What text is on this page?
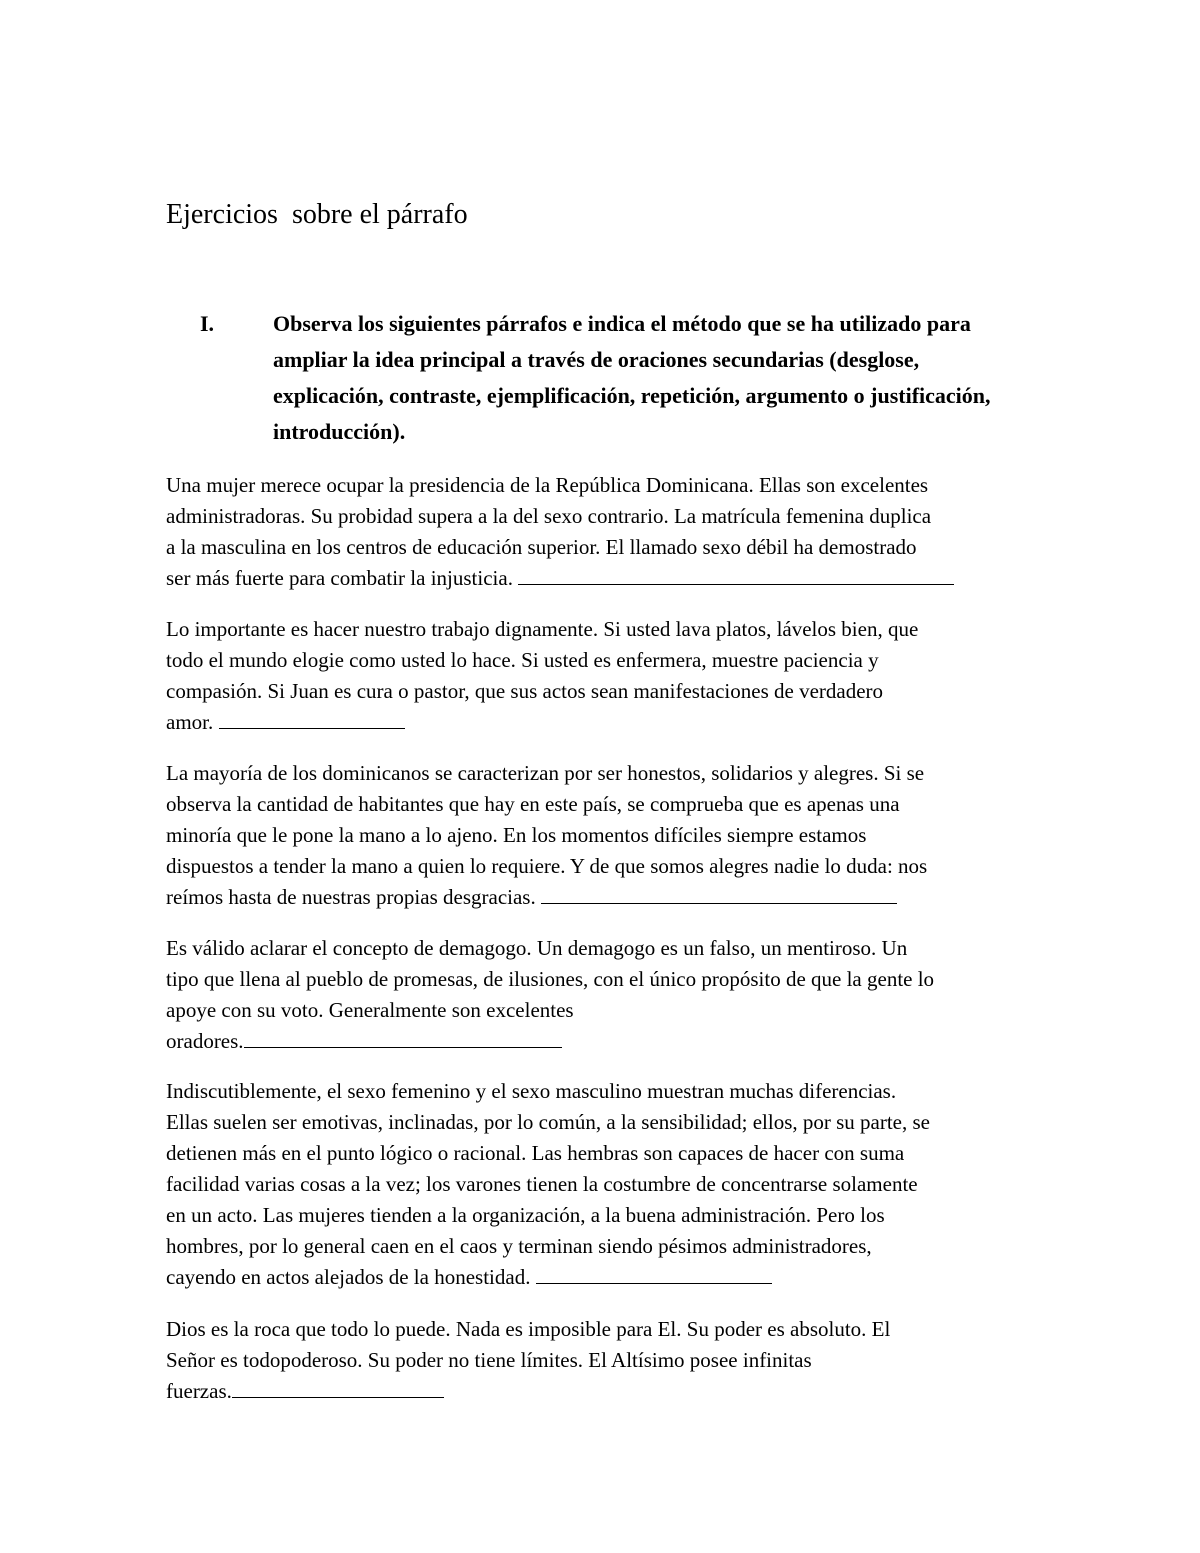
Ejercicios  sobre el párrafo
I.	Observa los siguientes párrafos e indica el método que se ha utilizado para ampliar la idea principal a través de oraciones secundarias (desglose, explicación, contraste, ejemplificación, repetición, argumento o justificación, introducción).

Una mujer merece ocupar la presidencia de la República Dominicana. Ellas son excelentes
administradoras. Su probidad supera a la del sexo contrario. La matrícula femenina duplica
a la masculina en los centros de educación superior. El llamado sexo débil ha demostrado
ser más fuerte para combatir la injusticia.

Lo importante es hacer nuestro trabajo dignamente. Si usted lava platos, lávelos bien, que
todo el mundo elogie como usted lo hace. Si usted es enfermera, muestre paciencia y
compasión. Si Juan es cura o pastor, que sus actos sean manifestaciones de verdadero
amor.

La mayoría de los dominicanos se caracterizan por ser honestos, solidarios y alegres. Si se
observa la cantidad de habitantes que hay en este país, se comprueba que es apenas una
minoría que le pone la mano a lo ajeno. En los momentos difíciles siempre estamos
dispuestos a tender la mano a quien lo requiere. Y de que somos alegres nadie lo duda: nos
reímos hasta de nuestras propias desgracias.

Es válido aclarar el concepto de demagogo. Un demagogo es un falso, un mentiroso. Un
tipo que llena al pueblo de promesas, de ilusiones, con el único propósito de que la gente lo
apoye con su voto. Generalmente son excelentes
oradores.

Indiscutiblemente, el sexo femenino y el sexo masculino muestran muchas diferencias.
Ellas suelen ser emotivas, inclinadas, por lo común, a la sensibilidad; ellos, por su parte, se
detienen más en el punto lógico o racional. Las hembras son capaces de hacer con suma
facilidad varias cosas a la vez; los varones tienen la costumbre de concentrarse solamente
en un acto. Las mujeres tienden a la organización, a la buena administración. Pero los
hombres, por lo general caen en el caos y terminan siendo pésimos administradores,
cayendo en actos alejados de la honestidad.

Dios es la roca que todo lo puede. Nada es imposible para El. Su poder es absoluto. El
Señor es todopoderoso. Su poder no tiene límites. El Altísimo posee infinitas
fuerzas.
